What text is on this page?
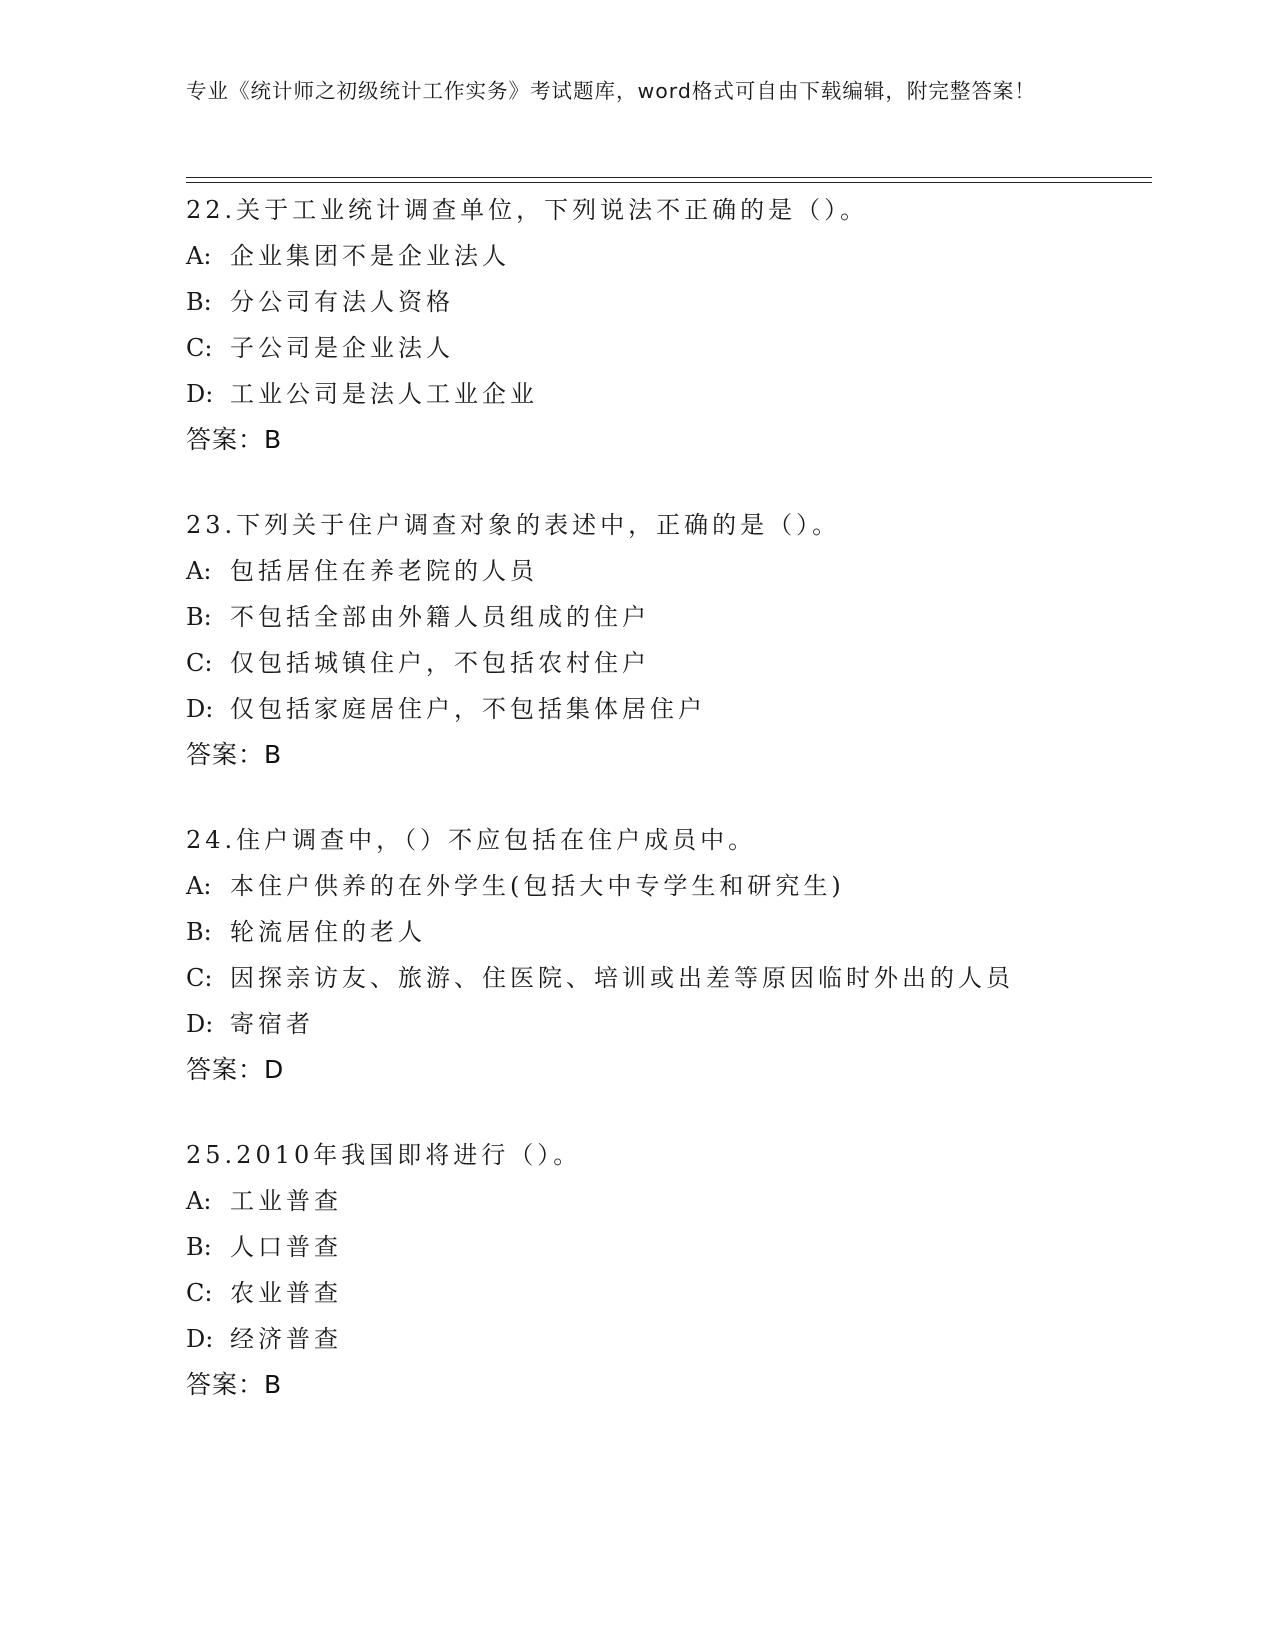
专业《统计师之初级统计工作实务》考试题库，word格式可自由下载编辑，附完整答案！
22.关于工业统计调查单位，下列说法不正确的是（）。
A: 企业集团不是企业法人
B: 分公司有法人资格
C: 子公司是企业法人
D: 工业公司是法人工业企业
答案：B
23.下列关于住户调查对象的表述中，正确的是（）。
A: 包括居住在养老院的人员
B: 不包括全部由外籍人员组成的住户
C: 仅包括城镇住户，不包括农村住户
D: 仅包括家庭居住户，不包括集体居住户
答案：B
24.住户调查中，（）不应包括在住户成员中。
A: 本住户供养的在外学生(包括大中专学生和研究生)
B: 轮流居住的老人
C: 因探亲访友、旅游、住医院、培训或出差等原因临时外出的人员
D: 寄宿者
答案：D
25.2010年我国即将进行（）。
A: 工业普查
B: 人口普查
C: 农业普查
D: 经济普查
答案：B
